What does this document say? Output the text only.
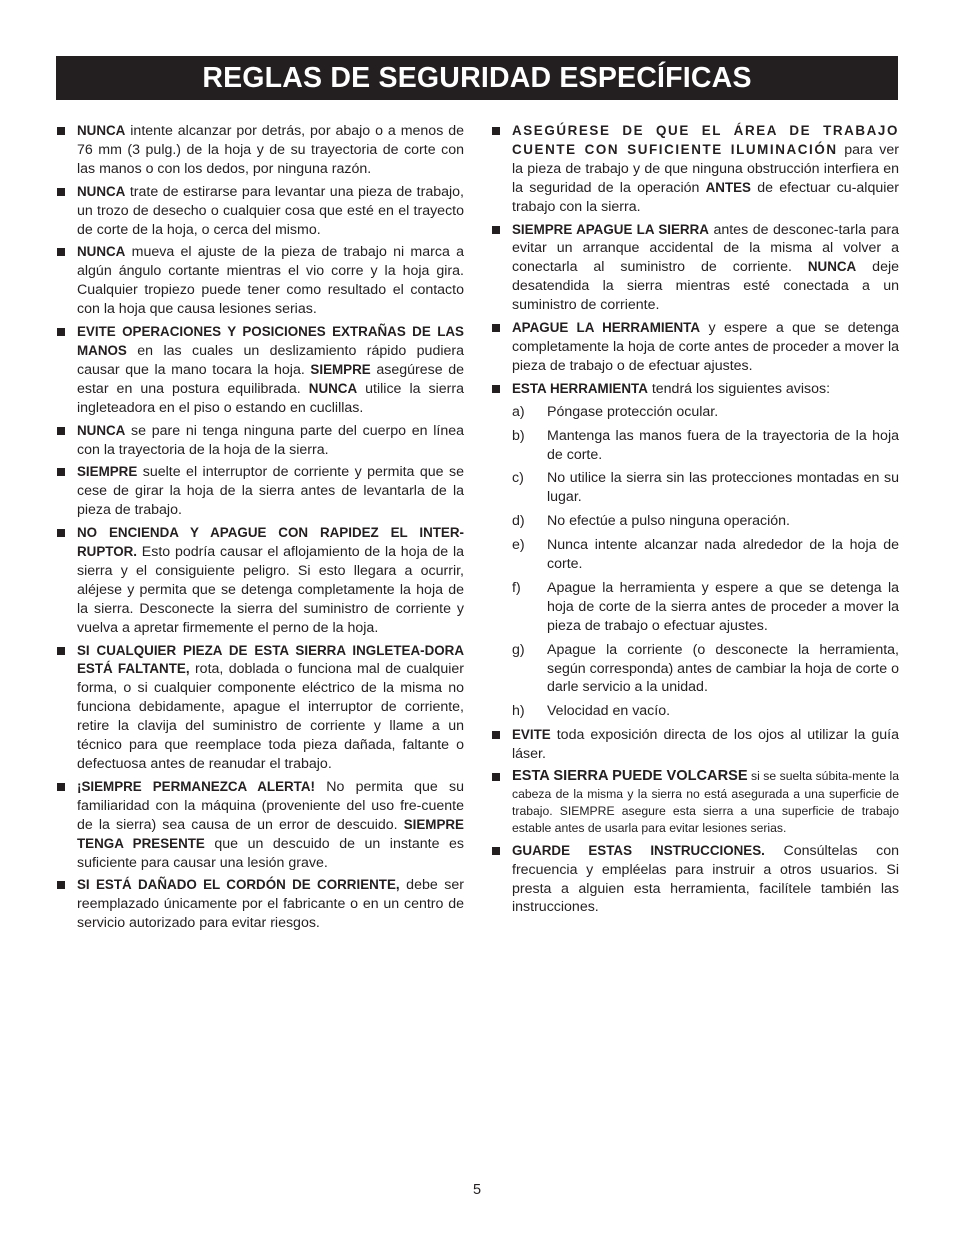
REGLAS DE SEGURIDAD ESPECÍFICAS
NUNCA intente alcanzar por detrás, por abajo o a menos de 76 mm (3 pulg.) de la hoja y de su trayectoria de corte con las manos o con los dedos, por ninguna razón.
NUNCA trate de estirarse para levantar una pieza de trabajo, un trozo de desecho o cualquier cosa que esté en el trayecto de corte de la hoja, o cerca del mismo.
NUNCA mueva el ajuste de la pieza de trabajo ni marca a algún ángulo cortante mientras el vio corre y la hoja gira. Cualquier tropiezo puede tener como resultado el contacto con la hoja que causa lesiones serias.
EVITE OPERACIONES Y POSICIONES EXTRAÑAS DE LAS MANOS en las cuales un deslizamiento rápido pudiera causar que la mano tocara la hoja. SIEMPRE asegúrese de estar en una postura equilibrada. NUNCA utilice la sierra ingleteadora en el piso o estando en cuclillas.
NUNCA se pare ni tenga ninguna parte del cuerpo en línea con la trayectoria de la hoja de la sierra.
SIEMPRE suelte el interruptor de corriente y permita que se cese de girar la hoja de la sierra antes de levantarla de la pieza de trabajo.
NO ENCIENDA Y APAGUE CON RAPIDEZ EL INTER-RUPTOR. Esto podría causar el aflojamiento de la hoja de la sierra y el consiguiente peligro. Si esto llegara a ocurrir, aléjese y permita que se detenga completamente la hoja de la sierra. Desconecte la sierra del suministro de corriente y vuelva a apretar firmemente el perno de la hoja.
SI CUALQUIER PIEZA DE ESTA SIERRA INGLETEA-DORA ESTÁ FALTANTE, rota, doblada o funciona mal de cualquier forma, o si cualquier componente eléctrico de la misma no funciona debidamente, apague el interruptor de corriente, retire la clavija del suministro de corriente y llame a un técnico para que reemplace toda pieza dañada, faltante o defectuosa antes de reanudar el trabajo.
¡SIEMPRE PERMANEZCA ALERTA! No permita que su familiaridad con la máquina (proveniente del uso fre-cuente de la sierra) sea causa de un error de descuido. SIEMPRE TENGA PRESENTE que un descuido de un instante es suficiente para causar una lesión grave.
SI ESTÁ DAÑADO EL CORDÓN DE CORRIENTE, debe ser reemplazado únicamente por el fabricante o en un centro de servicio autorizado para evitar riesgos.
ASEGÚRESE DE QUE EL ÁREA DE TRABAJO CUENTE CON SUFICIENTE ILUMINACIÓN para ver la pieza de trabajo y de que ninguna obstrucción interfiera en la seguridad de la operación ANTES de efectuar cu-alquier trabajo con la sierra.
SIEMPRE APAGUE LA SIERRA antes de desconec-tarla para evitar un arranque accidental de la misma al volver a conectarla al suministro de corriente. NUNCA deje desatendida la sierra mientras esté conectada a un suministro de corriente.
APAGUE LA HERRAMIENTA y espere a que se detenga completamente la hoja de corte antes de proceder a mover la pieza de trabajo o de efectuar ajustes.
ESTA HERRAMIENTA tendrá los siguientes avisos:
a) Póngase protección ocular.
b) Mantenga las manos fuera de la trayectoria de la hoja de corte.
c) No utilice la sierra sin las protecciones montadas en su lugar.
d) No efectúe a pulso ninguna operación.
e) Nunca intente alcanzar nada alrededor de la hoja de corte.
f) Apague la herramienta y espere a que se detenga la hoja de corte de la sierra antes de proceder a mover la pieza de trabajo o efectuar ajustes.
g) Apague la corriente (o desconecte la herramienta, según corresponda) antes de cambiar la hoja de corte o darle servicio a la unidad.
h) Velocidad en vacío.
EVITE toda exposición directa de los ojos al utilizar la guía láser.
ESTA SIERRA PUEDE VOLCARSE si se suelta súbita-mente la cabeza de la misma y la sierra no está asegurada a una superficie de trabajo. SIEMPRE asegure esta sierra a una superficie de trabajo estable antes de usarla para evitar lesiones serias.
GUARDE ESTAS INSTRUCCIONES. Consúltelas con frecuencia y empléelas para instruir a otros usuarios. Si presta a alguien esta herramienta, facilítele también las instrucciones.
5
